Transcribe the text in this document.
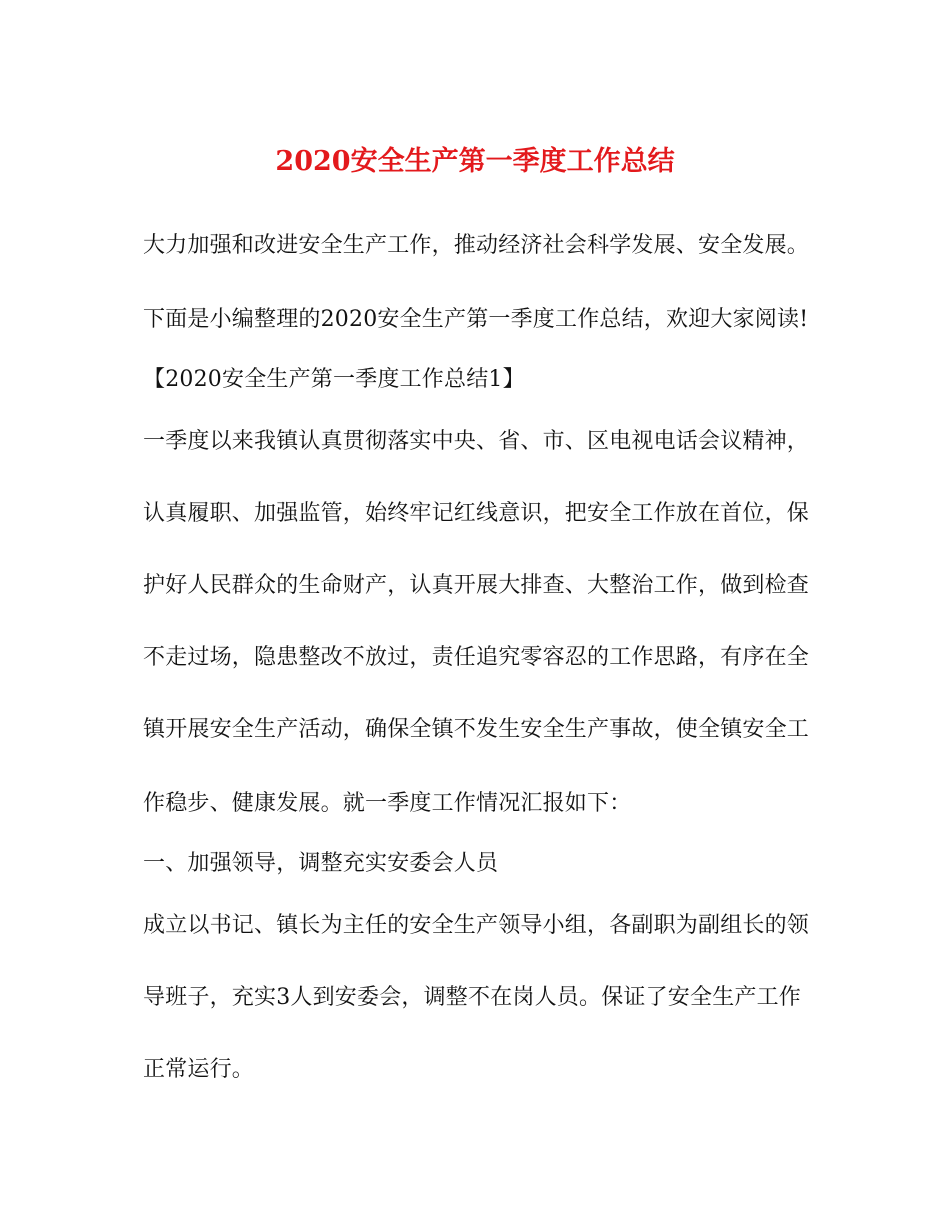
2020安全生产第一季度工作总结
大力加强和改进安全生产工作，推动经济社会科学发展、安全发展。
下面是小编整理的2020安全生产第一季度工作总结，欢迎大家阅读!
【2020安全生产第一季度工作总结1】
一季度以来我镇认真贯彻落实中央、省、市、区电视电话会议精神，
认真履职、加强监管，始终牢记红线意识，把安全工作放在首位，保
护好人民群众的生命财产，认真开展大排查、大整治工作，做到检查
不走过场，隐患整改不放过，责任追究零容忍的工作思路，有序在全
镇开展安全生产活动，确保全镇不发生安全生产事故，使全镇安全工
作稳步、健康发展。就一季度工作情况汇报如下：
一、加强领导，调整充实安委会人员
成立以书记、镇长为主任的安全生产领导小组，各副职为副组长的领
导班子，充实3人到安委会，调整不在岗人员。保证了安全生产工作
正常运行。
